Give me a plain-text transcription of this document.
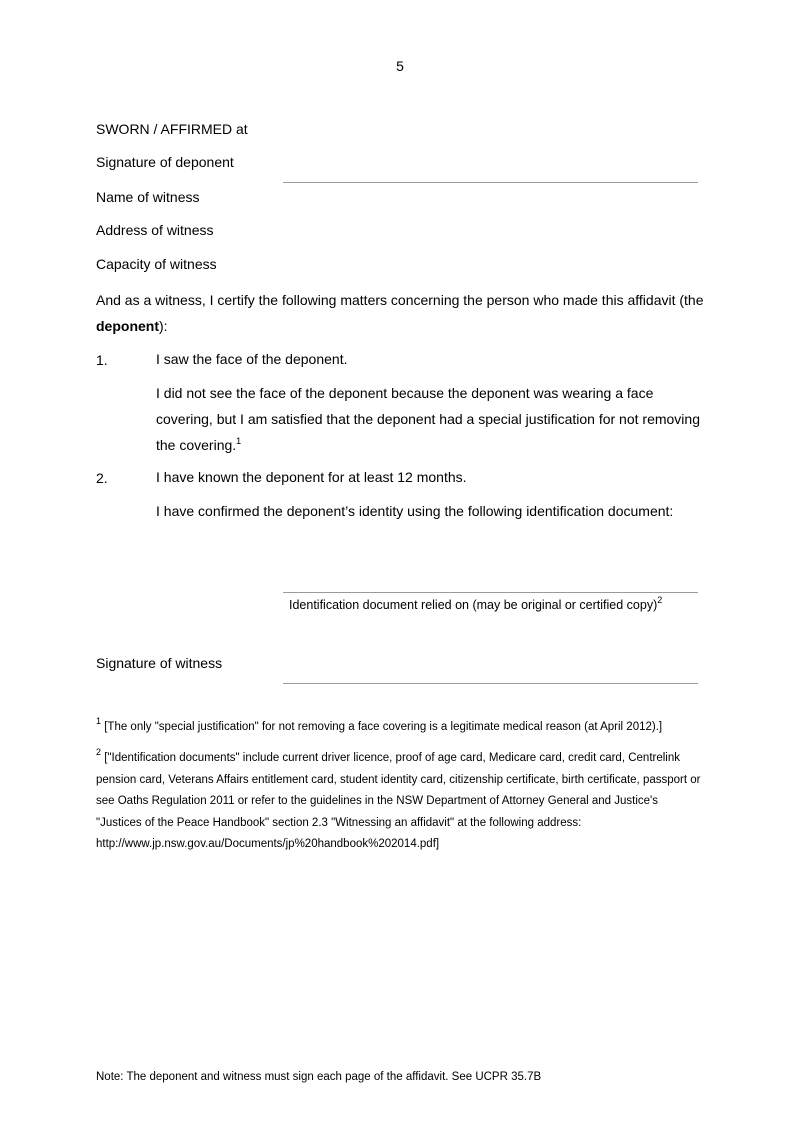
5
SWORN / AFFIRMED at
Signature of deponent
Name of witness
Address of witness
Capacity of witness
And as a witness, I certify the following matters concerning the person who made this affidavit (the deponent):
1.	I saw the face of the deponent.
I did not see the face of the deponent because the deponent was wearing a face covering, but I am satisfied that the deponent had a special justification for not removing the covering.$^1$
2.	I have known the deponent for at least 12 months.
I have confirmed the deponent’s identity using the following identification document:
Identification document relied on (may be original or certified copy)$^2$
Signature of witness
$^1$ [The only "special justification" for not removing a face covering is a legitimate medical reason (at April 2012).]
$^2$ ["Identification documents" include current driver licence, proof of age card, Medicare card, credit card, Centrelink pension card, Veterans Affairs entitlement card, student identity card, citizenship certificate, birth certificate, passport or see Oaths Regulation 2011 or refer to the guidelines in the NSW Department of Attorney General and Justice's "Justices of the Peace Handbook" section 2.3 "Witnessing an affidavit" at the following address: http://www.jp.nsw.gov.au/Documents/jp%20handbook%202014.pdf]
Note: The deponent and witness must sign each page of the affidavit. See UCPR 35.7B
